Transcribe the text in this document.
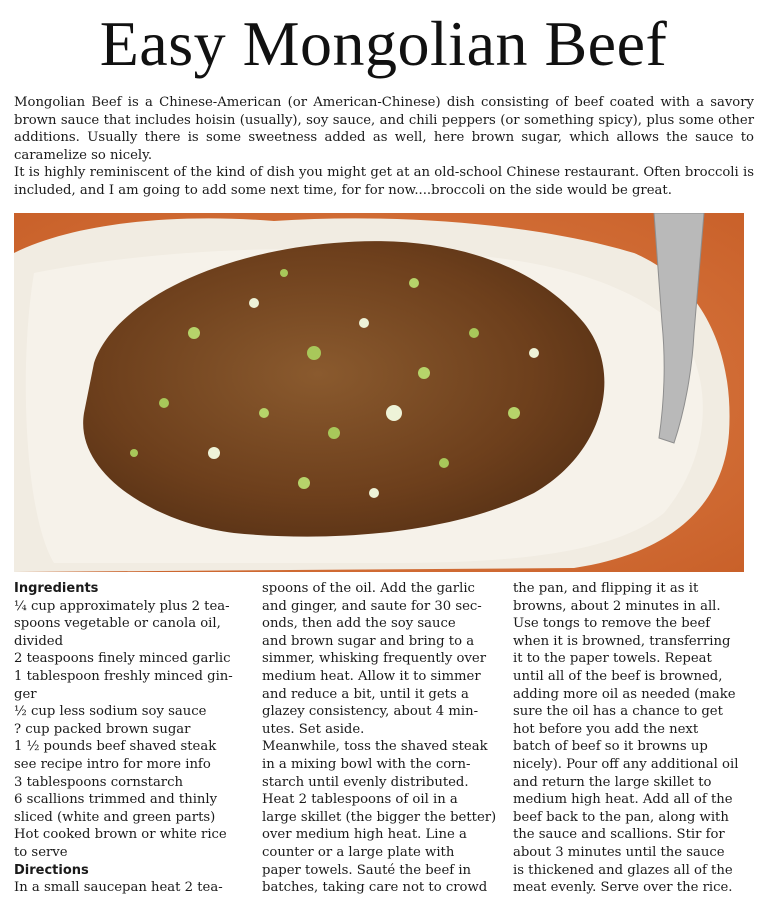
Easy Mongolian Beef

Mongolian Beef is a Chinese-American (or American-Chinese) dish consisting of beef coated with a savory brown sauce that includes hoisin (usually), soy sauce, and chili peppers (or something spicy), plus some other additions. Usually there is some sweetness added as well, here brown sugar, which allows the sauce to caramelize so nicely.

It is highly reminiscent of the kind of dish you might get at an old-school Chinese restaurant. Often broccoli is included, and I am going to add some next time, for for now....broccoli on the side would be great.

Ingredients
¼ cup approximately plus 2 tea-
spoons vegetable or canola oil,
divided
2 teaspoons finely minced garlic
1 tablespoon freshly minced gin-
ger
½ cup less sodium soy sauce
? cup packed brown sugar
1 ½ pounds beef shaved steak
see recipe intro for more info
3 tablespoons cornstarch
6 scallions trimmed and thinly
sliced (white and green parts)
Hot cooked brown or white rice
to serve
Directions
In a small saucepan heat 2 tea-
spoons of the oil. Add the garlic
and ginger, and saute for 30 sec-
onds, then add the soy sauce
and brown sugar and bring to a
simmer, whisking frequently over
medium heat. Allow it to simmer
and reduce a bit, until it gets a
glazey consistency, about 4 min-
utes. Set aside.
Meanwhile, toss the shaved steak
in a mixing bowl with the corn-
starch until evenly distributed.
Heat 2 tablespoons of oil in a
large skillet (the bigger the better)
over medium high heat. Line a
counter or a large plate with
paper towels. Sauté the beef in
batches, taking care not to crowd
the pan, and flipping it as it
browns, about 2 minutes in all.
Use tongs to remove the beef
when it is browned, transferring
it to the paper towels. Repeat
until all of the beef is browned,
adding more oil as needed (make
sure the oil has a chance to get
hot before you add the next
batch of beef so it browns up
nicely). Pour off any additional oil
and return the large skillet to
medium high heat. Add all of the
beef back to the pan, along with
the sauce and scallions. Stir for
about 3 minutes until the sauce
is thickened and glazes all of the
meat evenly. Serve over the rice.
